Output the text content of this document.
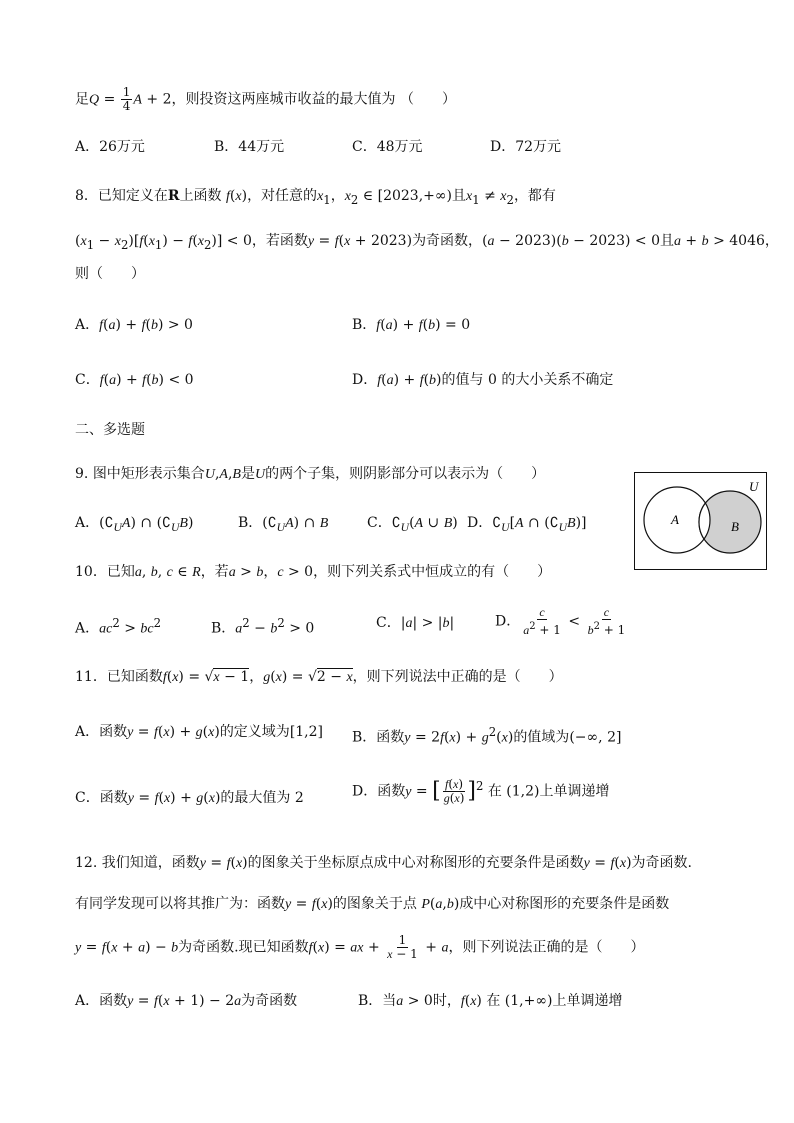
足$Q = \frac{1}{4}$ A + 2，则投资这两座城市收益的最大值为 （　　）
A．26万元	B．44万元	C．48万元	D．72万元
8．已知定义在R上函数 f(x)，对任意的$x_1$，$x_2$ ∈ [2023,+∞)且$x_1 \ne x_2$，都有
$(x_1 - x_2)[f(x_1) - f(x_2)] < 0$，若函数y = f(x + 2023)为奇函数，(a − 2023)(b − 2023) < 0且a + b > 4046，
则（　　）
A．f(a) + f(b) > 0	B．f(a) + f(b) = 0
C．f(a) + f(b) < 0	D．f(a) + f(b)的值与 0 的大小关系不确定
二、多选题
9. 图中矩形表示集合U,A,B是U的两个子集，则阴影部分可以表示为（　　）
U
A	B
A．$(∁_UA)$ ∩ $(∁_UB)$	B．$(∁_UA)$ ∩ B	C．$∁_U(A$ ∪ B) D．$∁_U[A$ ∩ $(∁_UB)$]
10．已知a, b, c ∈ R，若a > b，c > 0，则下列关系式中恒成立的有（　　）
A．$ac^2 > bc^2$	B．$a^2 - b^2 > 0$	C．|a| > |b|	D． $\frac{c}{a^2 + 1} < \frac{c}{b^2 + 1}$
11．已知函数f(x) = √x − 1，g(x) = √2 − x，则下列说法中正确的是（　　）
A．函数y = f(x) + g(x)的定义域为[1,2] B．函数$y = 2f(x) + g^2(x)$的值域为(−∞, 2]
C．函数y = f(x) + g(x)的最大值为 2	D．函数y = [ $\frac{f(x)}{g(x)} ]^2$ 在 (1,2)上单调递增
12. 我们知道，函数y = f(x)的图象关于坐标原点成中心对称图形的充要条件是函数y = f(x)为奇函数.
有同学发现可以将其推广为：函数y = f(x)的图象关于点 P(a,b)成中心对称图形的充要条件是函数
y = f(x + a) − b为奇函数.现已知函数f(x) = ax + $\frac{1}{x - 1} + a$，则下列说法正确的是（　　）
A．函数y = f(x + 1) − 2a为奇函数	B．当a > 0时，f(x) 在 (1,+∞)上单调递增
